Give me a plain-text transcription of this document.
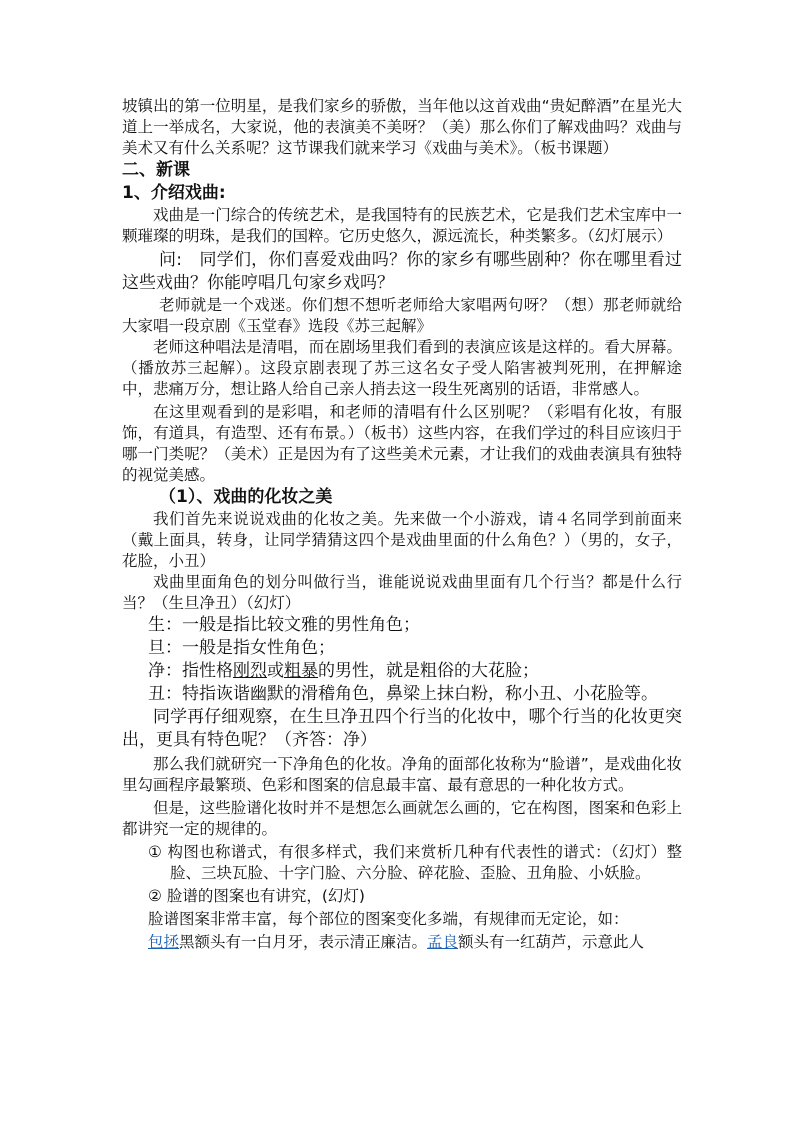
坡镇出的第一位明星，是我们家乡的骄傲，当年他以这首戏曲“贵妃醉酒”在星光大道上一举成名，大家说，他的表演美不美呀？（美）那么你们了解戏曲吗？戏曲与美术又有什么关系呢？这节课我们就来学习《戏曲与美术》。（板书课题）

二、新课

1、介绍戏曲:

戏曲是一门综合的传统艺术，是我国特有的民族艺术，它是我们艺术宝库中一颗璀璨的明珠，是我们的国粹。它历史悠久，源远流长，种类繁多。（幻灯展示）

问:　同学们，你们喜爱戏曲吗？你的家乡有哪些剧种？你在哪里看过这些戏曲？你能哼唱几句家乡戏吗？

老师就是一个戏迷。你们想不想听老师给大家唱两句呀？（想）那老师就给大家唱一段京剧《玉堂春》选段《苏三起解》

老师这种唱法是清唱，而在剧场里我们看到的表演应该是这样的。看大屏幕。（播放苏三起解）。这段京剧表现了苏三这名女子受人陷害被判死刑，在押解途中，悲痛万分，想让路人给自己亲人捎去这一段生死离别的话语，非常感人。

在这里观看到的是彩唱，和老师的清唱有什么区别呢？（彩唱有化妆，有服饰，有道具，有造型、还有布景。）（板书）这些内容，在我们学过的科目应该归于哪一门类呢？（美术）正是因为有了这些美术元素，才让我们的戏曲表演具有独特的视觉美感。

（1）、戏曲的化妆之美

我们首先来说说戏曲的化妆之美。先来做一个小游戏，请４名同学到前面来（戴上面具，转身，让同学猜猜这四个是戏曲里面的什么角色？）（男的，女子，花脸，小丑）

戏曲里面角色的划分叫做行当，谁能说说戏曲里面有几个行当？都是什么行当？（生旦净丑）（幻灯）

生：一般是指比较文雅的男性角色；

旦：一般是指女性角色；

净：指性格刚烈或粗暴的男性，就是粗俗的大花脸；

丑：特指诙谐幽默的滑稽角色，鼻梁上抹白粉，称小丑、小花脸等。

同学再仔细观察，在生旦净丑四个行当的化妆中，哪个行当的化妆更突出，更具有特色呢？（齐答：净）

那么我们就研究一下净角色的化妆。净角的面部化妆称为“脸谱”，是戏曲化妆里勾画程序最繁琐、色彩和图案的信息最丰富、最有意思的一种化妆方式。

但是，这些脸谱化妆时并不是想怎么画就怎么画的，它在构图，图案和色彩上都讲究一定的规律的。

① 构图也称谱式，有很多样式，我们来赏析几种有代表性的谱式：（幻灯）整脸、三块瓦脸、十字门脸、六分脸、碎花脸、歪脸、丑角脸、小妖脸。

② 脸谱的图案也有讲究，(幻灯)

脸谱图案非常丰富，每个部位的图案变化多端，有规律而无定论，如：

包拯黑额头有一白月牙，表示清正廉洁。孟良额头有一红葫芦，示意此人
